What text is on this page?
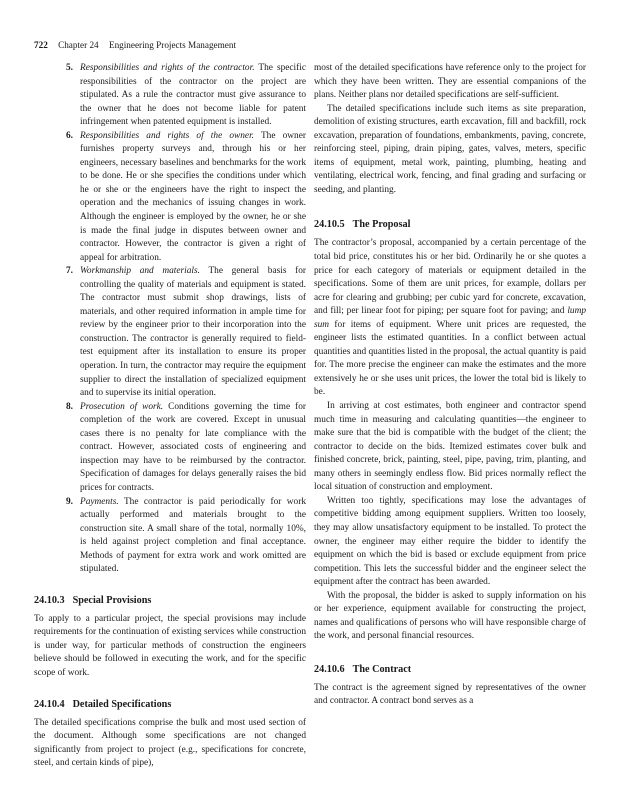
722 Chapter 24 Engineering Projects Management

5. Responsibilities and rights of the contractor. The specific responsibilities of the contractor on the project are stipulated. As a rule the contractor must give assurance to the owner that he does not become liable for patent infringement when patented equipment is installed.

6. Responsibilities and rights of the owner. The owner furnishes property surveys and, through his or her engineers, necessary baselines and benchmarks for the work to be done. He or she specifies the conditions under which he or she or the engineers have the right to inspect the operation and the mechanics of issuing changes in work. Although the engineer is employed by the owner, he or she is made the final judge in disputes between owner and contractor. However, the contractor is given a right of appeal for arbitration.

7. Workmanship and materials. The general basis for controlling the quality of materials and equipment is stated. The contractor must submit shop drawings, lists of materials, and other required information in ample time for review by the engineer prior to their incorporation into the construction. The contractor is generally required to field-test equipment after its installation to ensure its proper operation. In turn, the contractor may require the equipment supplier to direct the installation of specialized equipment and to supervise its initial operation.

8. Prosecution of work. Conditions governing the time for completion of the work are covered. Except in unusual cases there is no penalty for late compliance with the contract. However, associated costs of engineering and inspection may have to be reimbursed by the contractor. Specification of damages for delays generally raises the bid prices for contracts.

9. Payments. The contractor is paid periodically for work actually performed and materials brought to the construction site. A small share of the total, normally 10%, is held against project completion and final acceptance. Methods of payment for extra work and work omitted are stipulated.

24.10.3 Special Provisions

To apply to a particular project, the special provisions may include requirements for the continuation of existing services while construction is under way, for particular methods of construction the engineers believe should be followed in executing the work, and for the specific scope of work.

24.10.4 Detailed Specifications

The detailed specifications comprise the bulk and most used section of the document. Although some specifications are not changed significantly from project to project (e.g., specifications for concrete, steel, and certain kinds of pipe),

most of the detailed specifications have reference only to the project for which they have been written. They are essential companions of the plans. Neither plans nor detailed specifications are self-sufficient.

The detailed specifications include such items as site preparation, demolition of existing structures, earth excavation, fill and backfill, rock excavation, preparation of foundations, embankments, paving, concrete, reinforcing steel, piping, drain piping, gates, valves, meters, specific items of equipment, metal work, painting, plumbing, heating and ventilating, electrical work, fencing, and final grading and surfacing or seeding, and planting.

24.10.5 The Proposal

The contractor’s proposal, accompanied by a certain percentage of the total bid price, constitutes his or her bid. Ordinarily he or she quotes a price for each category of materials or equipment detailed in the specifications. Some of them are unit prices, for example, dollars per acre for clearing and grubbing; per cubic yard for concrete, excavation, and fill; per linear foot for piping; per square foot for paving; and lump sum for items of equipment. Where unit prices are requested, the engineer lists the estimated quantities. In a conflict between actual quantities and quantities listed in the proposal, the actual quantity is paid for. The more precise the engineer can make the estimates and the more extensively he or she uses unit prices, the lower the total bid is likely to be.

In arriving at cost estimates, both engineer and contractor spend much time in measuring and calculating quantities—the engineer to make sure that the bid is compatible with the budget of the client; the contractor to decide on the bids. Itemized estimates cover bulk and finished concrete, brick, painting, steel, pipe, paving, trim, planting, and many others in seemingly endless flow. Bid prices normally reflect the local situation of construction and employment.

Written too tightly, specifications may lose the advantages of competitive bidding among equipment suppliers. Written too loosely, they may allow unsatisfactory equipment to be installed. To protect the owner, the engineer may either require the bidder to identify the equipment on which the bid is based or exclude equipment from price competition. This lets the successful bidder and the engineer select the equipment after the contract has been awarded.

With the proposal, the bidder is asked to supply information on his or her experience, equipment available for constructing the project, names and qualifications of persons who will have responsible charge of the work, and personal financial resources.

24.10.6 The Contract

The contract is the agreement signed by representatives of the owner and contractor. A contract bond serves as a
